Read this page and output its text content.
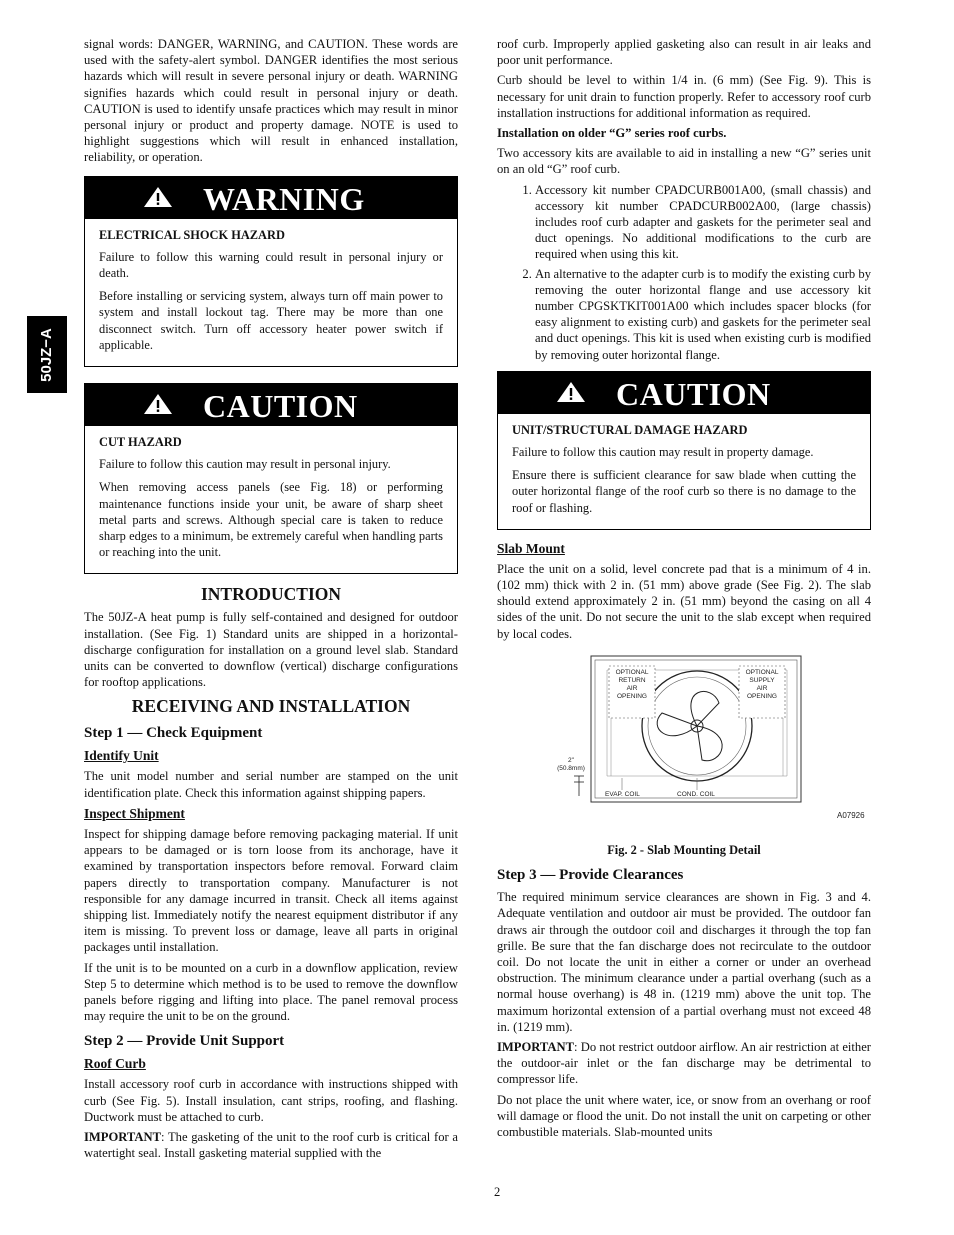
50JZ−A

signal words: DANGER, WARNING, and CAUTION. These words are used with the safety‐alert symbol. DANGER identifies the most serious hazards which will result in severe personal injury or death. WARNING signifies hazards which could result in personal injury or death. CAUTION is used to identify unsafe practices which may result in minor personal injury or product and property damage. NOTE is used to highlight suggestions which will result in enhanced installation, reliability, or operation.

WARNING
ELECTRICAL SHOCK HAZARD

Failure to follow this warning could result in personal injury or death.

Before installing or servicing system, always turn off main power to system and install lockout tag. There may be more than one disconnect switch. Turn off accessory heater power switch if applicable.

CAUTION
CUT HAZARD

Failure to follow this caution may result in personal injury.

When removing access panels (see Fig. 18) or performing maintenance functions inside your unit, be aware of sharp sheet metal parts and screws. Although special care is taken to reduce sharp edges to a minimum, be extremely careful when handling parts or reaching into the unit.

INTRODUCTION

The 50JZ‐A heat pump is fully self‐contained and designed for outdoor installation. (See Fig. 1) Standard units are shipped in a horizontal‐discharge configuration for installation on a ground level slab. Standard units can be converted to downflow (vertical) discharge configurations for rooftop applications.

RECEIVING AND INSTALLATION
Step 1 — Check Equipment
Identify Unit

The unit model number and serial number are stamped on the unit identification plate. Check this information against shipping papers.

Inspect Shipment

Inspect for shipping damage before removing packaging material. If unit appears to be damaged or is torn loose from its anchorage, have it examined by transportation inspectors before removal. Forward claim papers directly to transportation company. Manufacturer is not responsible for any damage incurred in transit. Check all items against shipping list. Immediately notify the nearest equipment distributor if any item is missing. To prevent loss or damage, leave all parts in original packages until installation.

If the unit is to be mounted on a curb in a downflow application, review Step 5 to determine which method is to be used to remove the downflow panels before rigging and lifting into place. The panel removal process may require the unit to be on the ground.

Step 2 — Provide Unit Support
Roof Curb

Install accessory roof curb in accordance with instructions shipped with curb (See Fig. 5). Install insulation, cant strips, roofing, and flashing. Ductwork must be attached to curb.

IMPORTANT: The gasketing of the unit to the roof curb is critical for a watertight seal. Install gasketing material supplied with the

roof curb. Improperly applied gasketing also can result in air leaks and poor unit performance.

Curb should be level to within 1/4 in. (6 mm) (See Fig. 9). This is necessary for unit drain to function properly. Refer to accessory roof curb installation instructions for additional information as required.

Installation on older “G” series roof curbs.

Two accessory kits are available to aid in installing a new “G” series unit on an old “G” roof curb.

1. Accessory kit number CPADCURB001A00, (small chassis) and accessory kit number CPADCURB002A00, (large chassis) includes roof curb adapter and gaskets for the perimeter seal and duct openings. No additional modifications to the curb are required when using this kit.
2. An alternative to the adapter curb is to modify the existing curb by removing the outer horizontal flange and use accessory kit number CPGSKTKIT001A00 which includes spacer blocks (for easy alignment to existing curb) and gaskets for the perimeter seal and duct openings. This kit is used when existing curb is modified by removing outer horizontal flange.
CAUTION
UNIT/STRUCTURAL DAMAGE HAZARD

Failure to follow this caution may result in property damage.

Ensure there is sufficient clearance for saw blade when cutting the outer horizontal flange of the roof curb so there is no damage to the roof or flashing.

Slab Mount

Place the unit on a solid, level concrete pad that is a minimum of 4 in. (102 mm) thick with 2 in. (51 mm) above grade (See Fig. 2). The slab should extend approximately 2 in. (51 mm) beyond the casing on all 4 sides of the unit. Do not secure the unit to the slab except when required by local codes.

OPTIONAL
RETURN
AIR
OPENING
OPTIONAL
SUPPLY
AIR
OPENING
2"
(50.8mm)
EVAP. COIL	COND. COIL
A07926
Fig. 2 ‐ Slab Mounting Detail
Step 3 — Provide Clearances

The required minimum service clearances are shown in Fig. 3 and 4. Adequate ventilation and outdoor air must be provided. The outdoor fan draws air through the outdoor coil and discharges it through the top fan grille. Be sure that the fan discharge does not recirculate to the outdoor coil. Do not locate the unit in either a corner or under an overhead obstruction. The minimum clearance under a partial overhang (such as a normal house overhang) is 48 in. (1219 mm) above the unit top. The maximum horizontal extension of a partial overhang must not exceed 48 in. (1219 mm).

IMPORTANT: Do not restrict outdoor airflow. An air restriction at either the outdoor‐air inlet or the fan discharge may be detrimental to compressor life.

Do not place the unit where water, ice, or snow from an overhang or roof will damage or flood the unit. Do not install the unit on carpeting or other combustible materials. Slab‐mounted units

2
